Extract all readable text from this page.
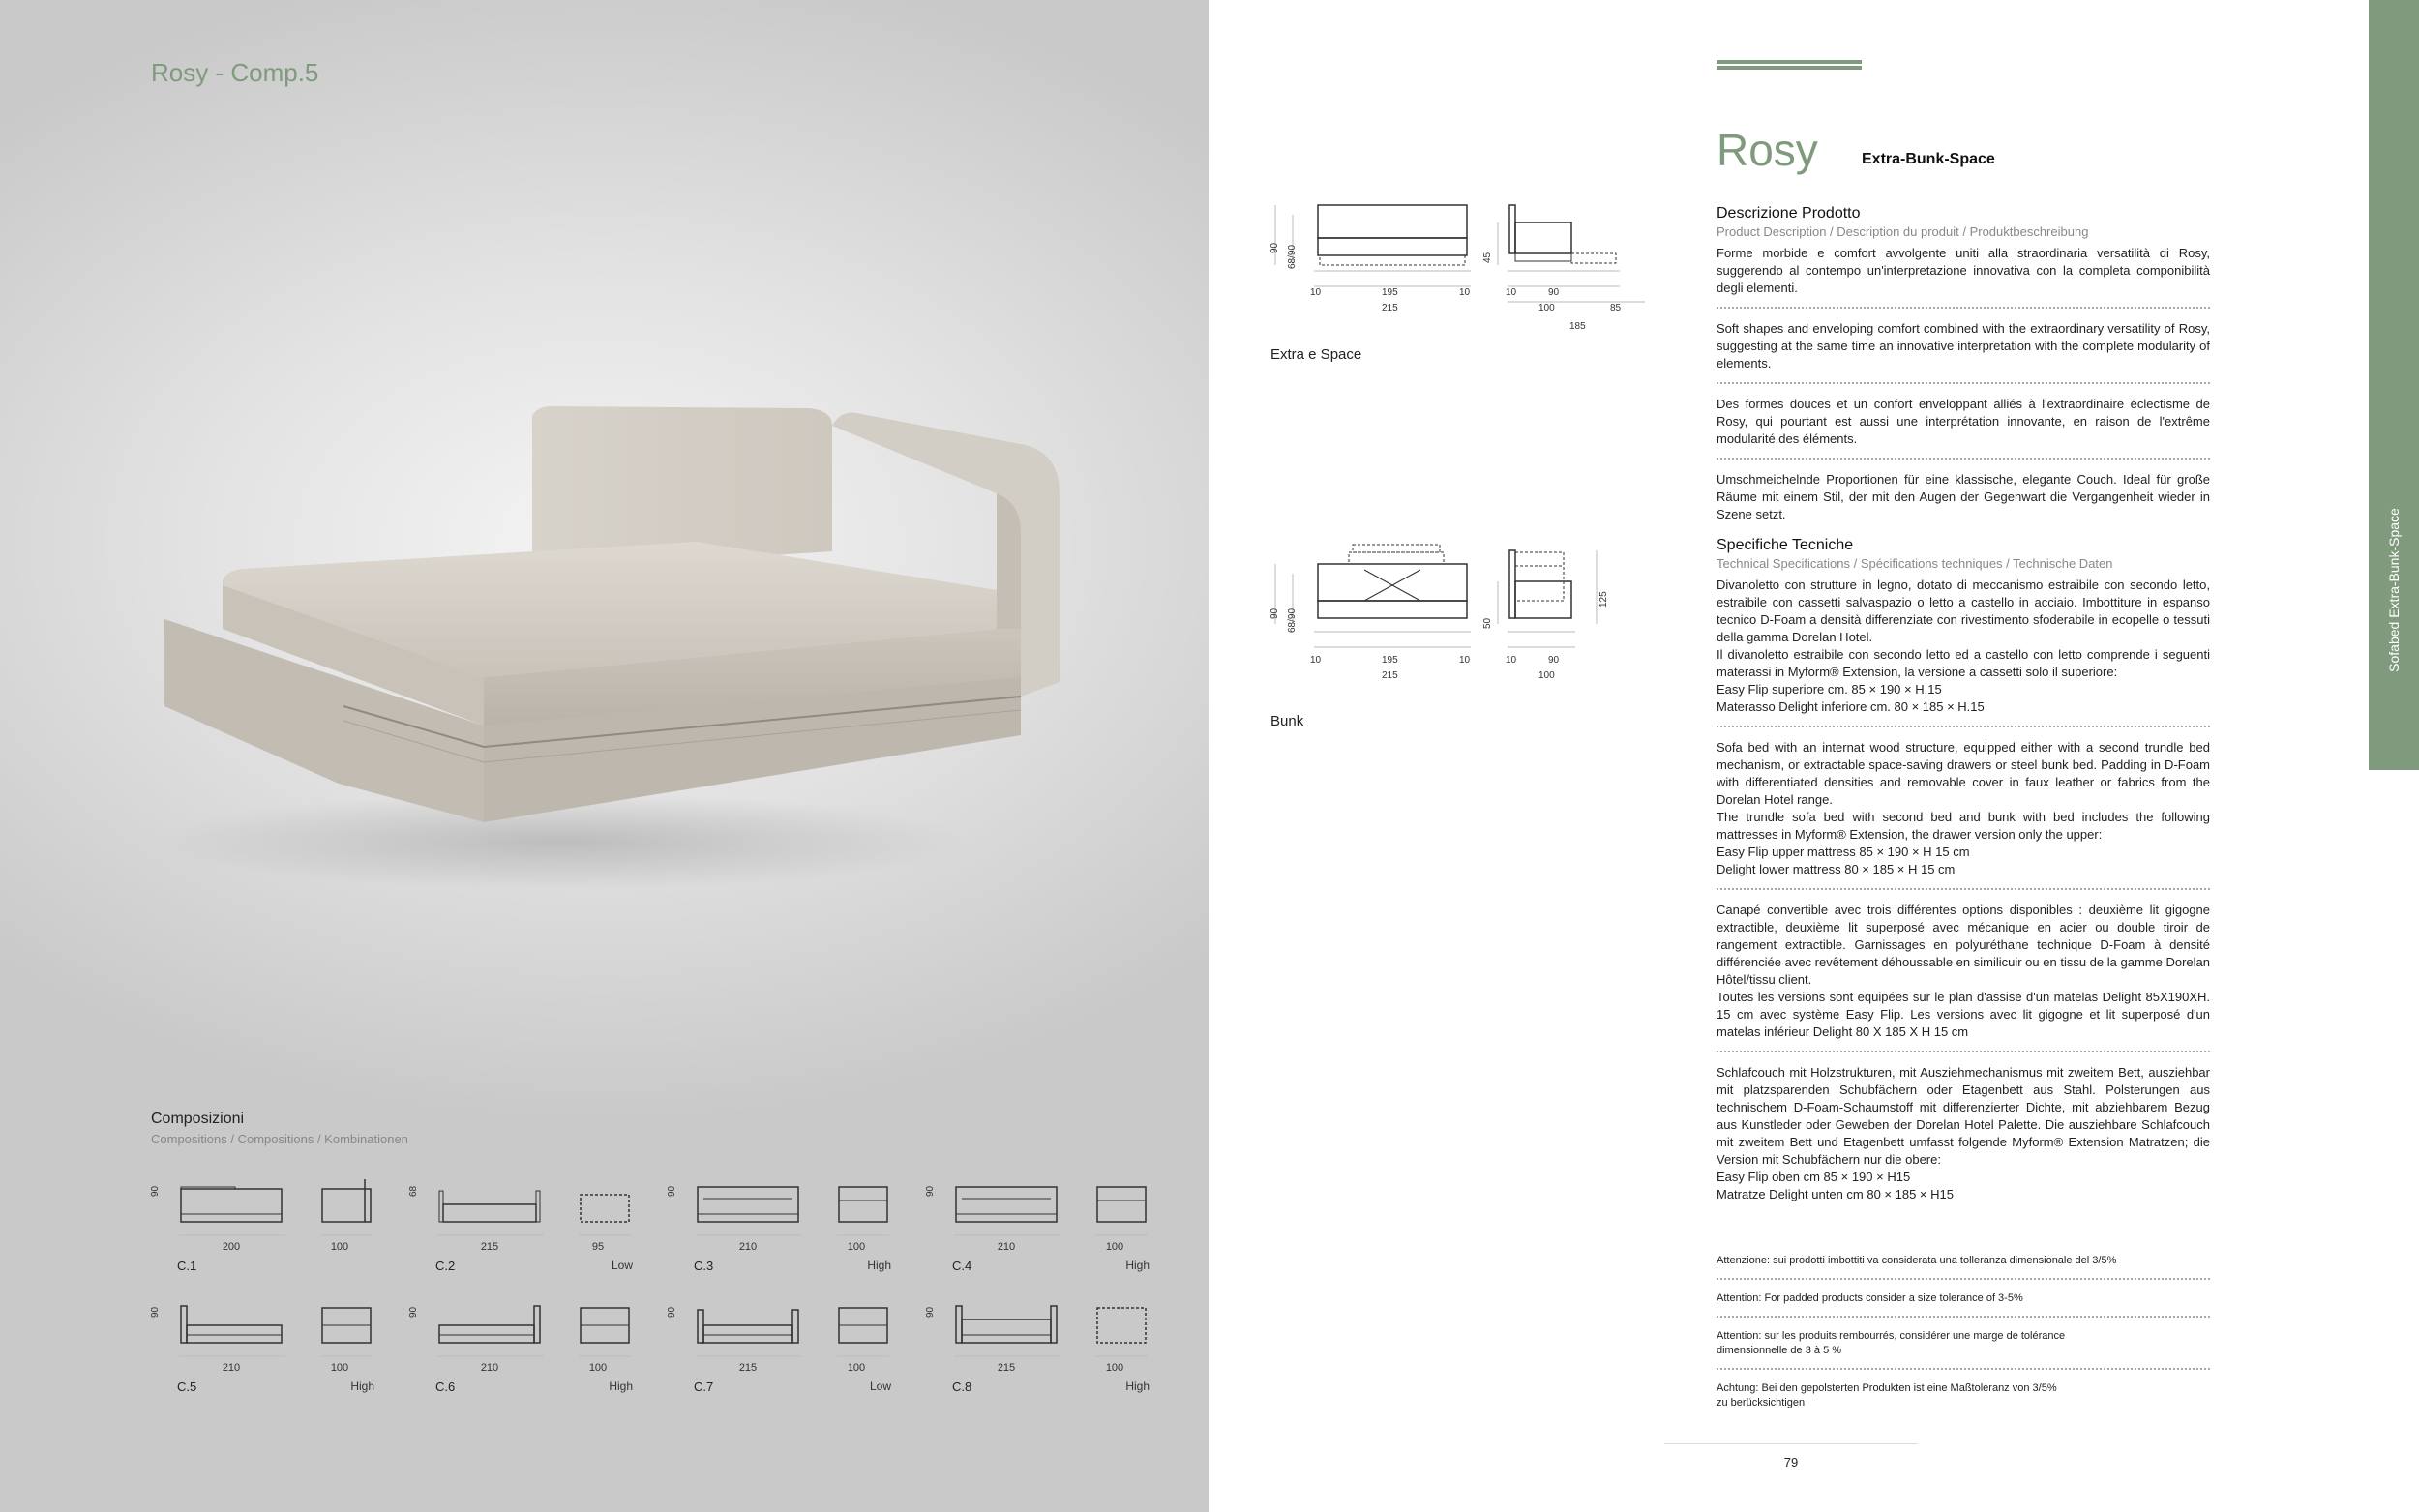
Rosy - Comp.5
Composizioni
Compositions / Compositions / Kombinationen
90
200	100
C.1
68
215	95
C.2	Low
90
210	100
C.3	High
90
210	100
C.4	High
90
210	100
C.5	High
90
210	100
C.6	High
90
215	100
C.7	Low
90
215	100
C.8	High
90 68/90	45
10	195	10
215
10	90
100	85
185
Extra e Space
90 68/90	50
125
10	195	10
215
10	90
100
Bunk
Rosy	Extra-Bunk-Space
Sofabed Extra-Bunk-Space

Descrizione Prodotto

Product Description / Description du produit / Produktbeschreibung

Forme morbide e comfort avvolgente uniti alla straordinaria versatilità di Rosy, suggerendo al contempo un'interpretazione innovativa con la completa componibilità degli elementi.

Soft shapes and enveloping comfort combined with the extraordinary versatility of Rosy, suggesting at the same time an innovative interpretation with the complete modularity of elements.

Des formes douces et un confort enveloppant alliés à l'extraordinaire éclectisme de Rosy, qui pourtant est aussi une interprétation innovante, en raison de l'extrême modularité des éléments.

Umschmeichelnde Proportionen für eine klassische, elegante Couch. Ideal für große Räume mit einem Stil, der mit den Augen der Gegenwart die Vergangenheit wieder in Szene setzt.

Specifiche Tecniche

Technical Specifications / Spécifications techniques / Technische Daten

Divanoletto con strutture in legno, dotato di meccanismo estraibile con secondo letto, estraibile con cassetti salvaspazio o letto a castello in acciaio. Imbottiture in espanso tecnico D-Foam a densità differenziate con rivestimento sfoderabile in ecopelle o tessuti della gamma Dorelan Hotel.
Il divanoletto estraibile con secondo letto ed a castello con letto comprende i seguenti materassi in Myform® Extension, la versione a cassetti solo il superiore:
Easy Flip superiore cm. 85 × 190 × H.15
Materasso Delight inferiore cm. 80 × 185 × H.15

Sofa bed with an internat wood structure, equipped either with a second trundle bed mechanism, or extractable space-saving drawers or steel bunk bed. Padding in D-Foam with differentiated densities and removable cover in faux leather or fabrics from the Dorelan Hotel range.
The trundle sofa bed with second bed and bunk with bed includes the following mattresses in Myform® Extension, the drawer version only the upper:
Easy Flip upper mattress 85 × 190 × H 15 cm
Delight lower mattress 80 × 185 × H 15 cm

Canapé convertible avec trois différentes options disponibles : deuxième lit gigogne extractible, deuxième lit superposé avec mécanique en acier ou double tiroir de rangement extractible. Garnissages en polyuréthane technique D-Foam à densité différenciée avec revêtement déhoussable en similicuir ou en tissu de la gamme Dorelan Hôtel/tissu client.
Toutes les versions sont equipées sur le plan d'assise d'un matelas Delight 85X190XH. 15 cm avec système Easy Flip. Les versions avec lit gigogne et lit superposé d'un matelas inférieur Delight 80 X 185 X H 15 cm

Schlafcouch mit Holzstrukturen, mit Ausziehmechanismus mit zweitem Bett, ausziehbar mit platzsparenden Schubfächern oder Etagenbett aus Stahl. Polsterungen aus technischem D-Foam-Schaumstoff mit differenzierter Dichte, mit abziehbarem Bezug aus Kunstleder oder Geweben der Dorelan Hotel Palette. Die ausziehbare Schlafcouch mit zweitem Bett und Etagenbett umfasst folgende Myform® Extension Matratzen; die Version mit Schubfächern nur die obere:
Easy Flip oben cm 85 × 190 × H15
Matratze Delight unten cm 80 × 185 × H15

Attenzione: sui prodotti imbottiti va considerata una tolleranza dimensionale del 3/5%

Attention: For padded products consider a size tolerance of 3-5%

Attention: sur les produits rembourrés, considérer une marge de tolérance
dimensionnelle de 3 à 5 %

Achtung: Bei den gepolsterten Produkten ist eine Maßtoleranz von 3/5%
zu berücksichtigen

79
